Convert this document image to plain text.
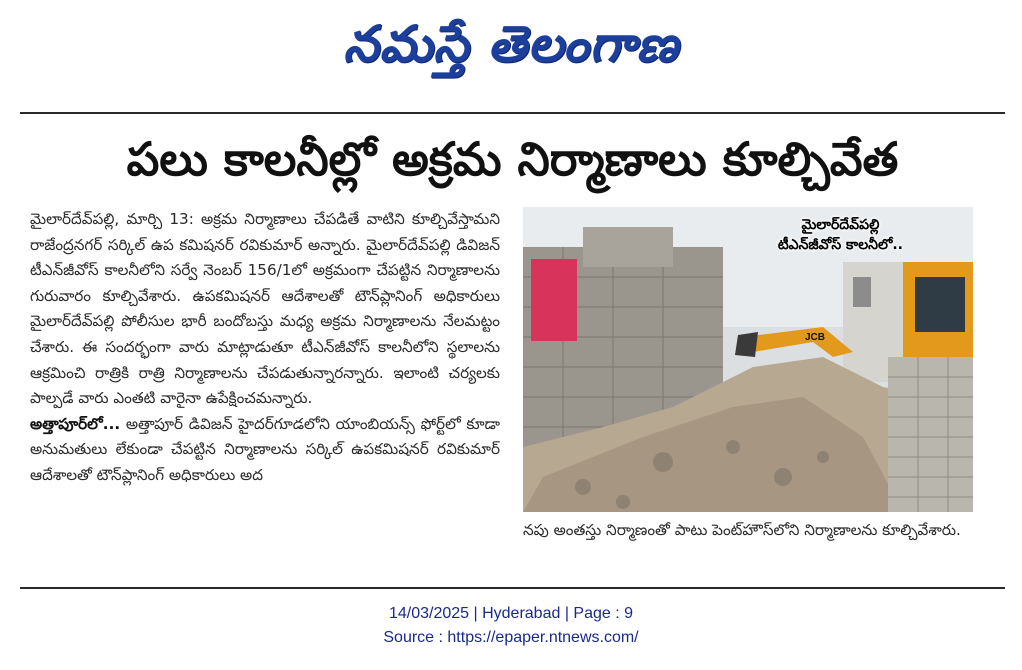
నమస్తే తెలంగాణ
పలు కాలనీల్లో అక్రమ నిర్మాణాలు కూల్చివేత

మైలార్‌దేవ్‌పల్లి, మార్చి 13: అక్రమ నిర్మాణాలు చేపడితే వాటిని కూల్చివేస్తామని రాజేంద్రనగర్ సర్కిల్ ఉప కమిషనర్ రవికుమార్ అన్నారు. మైలార్‌దేవ్‌పల్లి డివిజన్ టీఎన్‌జీవోస్ కాలనీలోని సర్వే నెంబర్ 156/1లో అక్రమంగా చేపట్టిన నిర్మాణాలను గురువారం కూల్చివేశారు. ఉపకమిషనర్ ఆదేశాలతో టౌన్‌ప్లానింగ్ అధికారులు మైలార్‌దేవ్‌పల్లి పోలీసుల భారీ బందోబస్తు మధ్య అక్రమ నిర్మాణాలను నేలమట్టం చేశారు. ఈ సందర్భంగా వారు మాట్లాడుతూ టీఎన్‌జీవోస్ కాలనీలోని స్థలాలను ఆక్రమించి రాత్రికి రాత్రి నిర్మాణాలను చేపడుతున్నారన్నారు. ఇలాంటి చర్యలకు పాల్పడే వారు ఎంతటి వారైనా ఉపేక్షించమన్నారు.

అత్తాపూర్‌లో... అత్తాపూర్ డివిజన్ హైదర్‌గూడలోని యాంబియన్స్ ఫోర్ట్‌లో కూడా అనుమతులు లేకుండా చేపట్టిన నిర్మాణాలను సర్కిల్ ఉపకమిషనర్ రవికుమార్ ఆదేశాలతో టౌన్‌ప్లానింగ్ అధికారులు అద

JCB
మైలార్‌దేవ్‌పల్లి
టీఎన్‌జీవోస్ కాలనీలో..
నపు అంతస్తు నిర్మాణంతో పాటు పెంట్‌హౌస్‌లోని నిర్మాణాలను కూల్చివేశారు.
14/03/2025 | Hyderabad | Page : 9
Source : https://epaper.ntnews.com/
